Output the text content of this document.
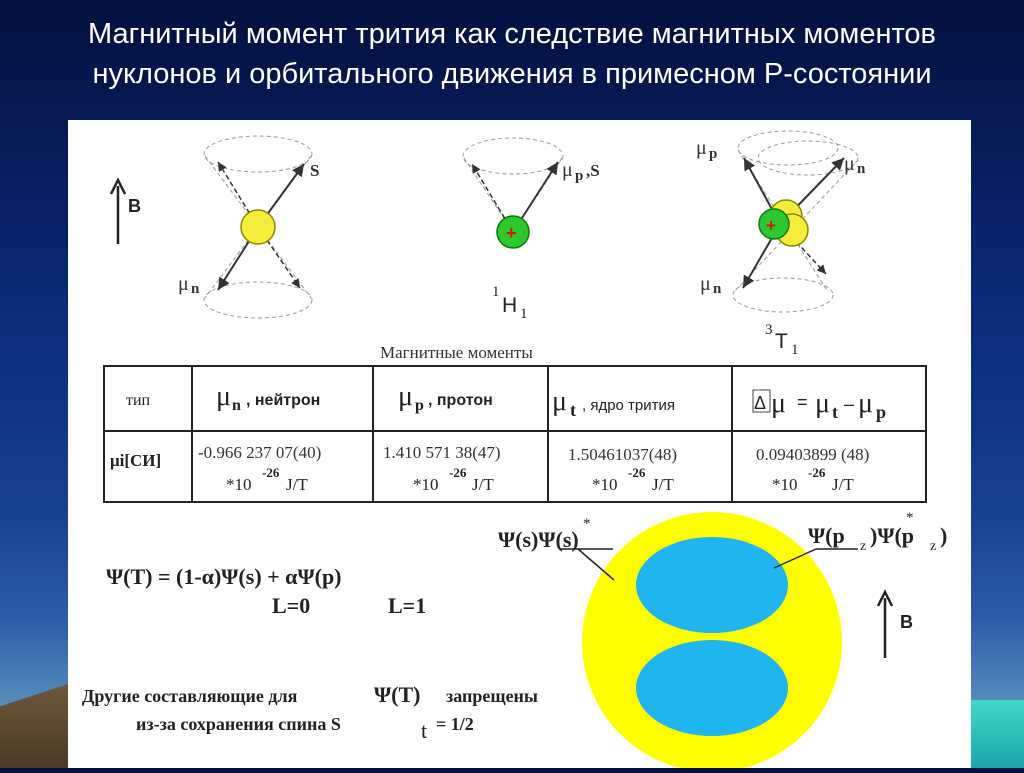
Магнитный момент трития как следствие магнитных моментов
нуклонов и орбитального движения в примесном Р-состоянии
B
S
μ n
+
μ p ,S
1
H 1
+
μ p	μ n
μ n
3 T 1
Магнитные моменты
тип μ n , нейтрон	μ p , протон μ t , ядро трития	Δ μ = μ t – μ p
μi[СИ] -0.966 237 07(40)	1.410 571 38(47)	1.50461037(48)	0.09403899 (48)
*10
-26
J/T	*10
-26
J/T	*10
-26
J/T	*10
-26
J/T
Ψ(T) = (1-α)Ψ(s) + αΨ(p)
L=0	L=1
Ψ(s)Ψ(s)
*	Ψ(p z )Ψ(p z )
*
B
Другие составляющие для	Ψ(T) запрещены
из-за сохранения спина S	t = 1/2
